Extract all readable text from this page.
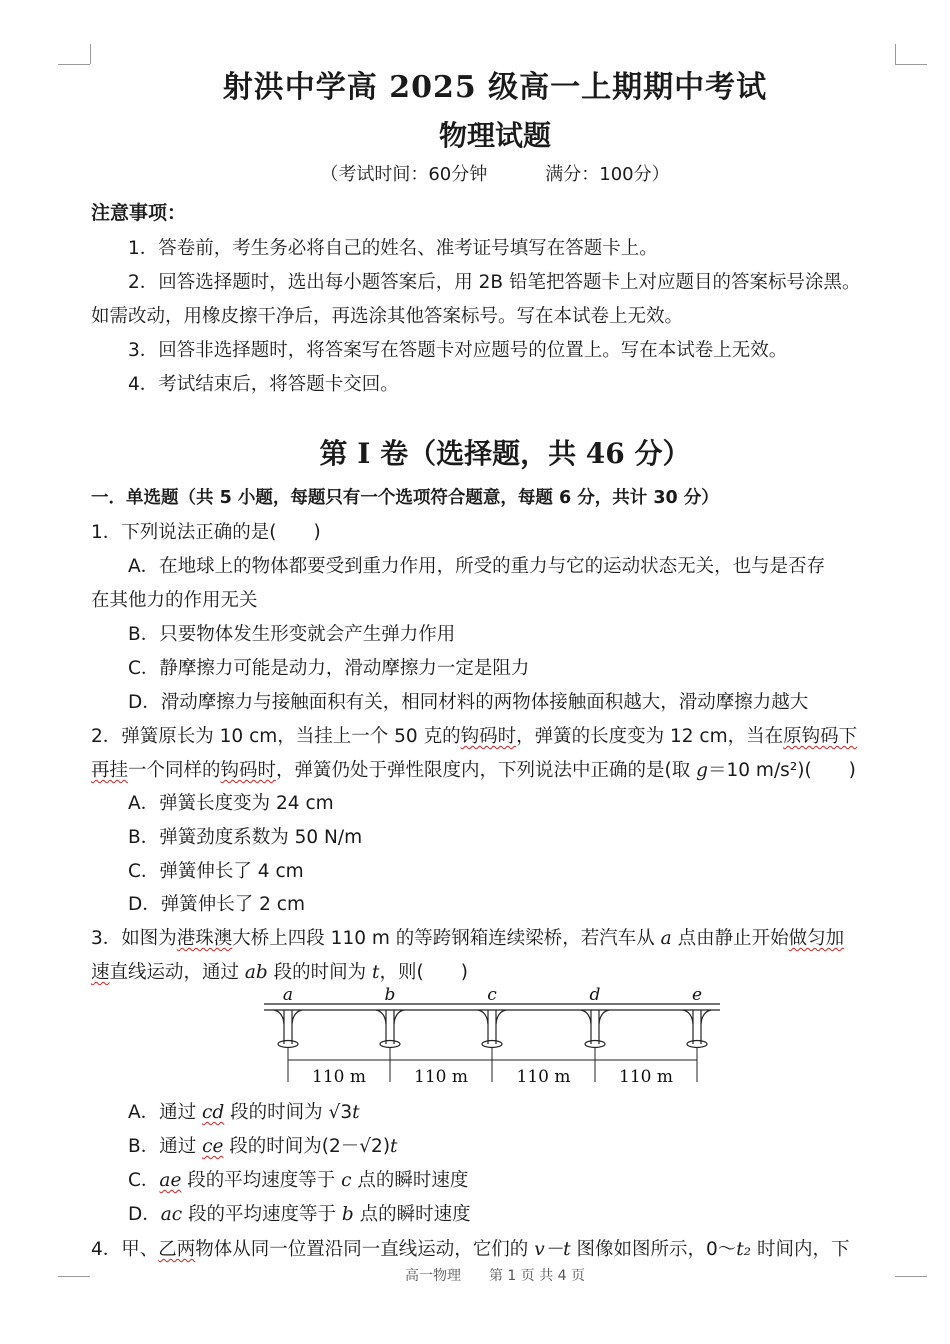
射洪中学高 2025 级高一上期期中考试
物理试题
（考试时间：60分钟	满分：100分）
注意事项：
1．答卷前，考生务必将自己的姓名、准考证号填写在答题卡上。
2．回答选择题时，选出每小题答案后，用 2B 铅笔把答题卡上对应题目的答案标号涂黑。
如需改动，用橡皮擦干净后，再选涂其他答案标号。写在本试卷上无效。
3．回答非选择题时，将答案写在答题卡对应题号的位置上。写在本试卷上无效。
4．考试结束后，将答题卡交回。
第 I 卷（选择题，共 46 分）
一．单选题（共 5 小题，每题只有一个选项符合题意，每题 6 分，共计 30 分）
1．下列说法正确的是(　　)
A．在地球上的物体都要受到重力作用，所受的重力与它的运动状态无关，也与是否存
在其他力的作用无关
B．只要物体发生形变就会产生弹力作用
C．静摩擦力可能是动力，滑动摩擦力一定是阻力
D．滑动摩擦力与接触面积有关，相同材料的两物体接触面积越大，滑动摩擦力越大
2．弹簧原长为 10 cm，当挂上一个 50 克的钩码时，弹簧的长度变为 12 cm，当在原钩码下
再挂一个同样的钩码时，弹簧仍处于弹性限度内，下列说法中正确的是(取 g＝10 m/s²)(　　)
A．弹簧长度变为 24 cm
B．弹簧劲度系数为 50 N/m
C．弹簧伸长了 4 cm
D．弹簧伸长了 2 cm
3．如图为港珠澳大桥上四段 110 m 的等跨钢箱连续梁桥，若汽车从 a 点由静止开始做匀加
速直线运动，通过 ab 段的时间为 t，则(　　)
a	b	c	d	e
110 m	110 m	110 m	110 m
A．通过 cd 段的时间为 √3t
B．通过 ce 段的时间为(2－√2)t
C．ae 段的平均速度等于 c 点的瞬时速度
D．ac 段的平均速度等于 b 点的瞬时速度
4．甲、乙两物体从同一位置沿同一直线运动，它们的 v－t 图像如图所示，0～t₂ 时间内，下
高一物理　　第 1 页 共 4 页
